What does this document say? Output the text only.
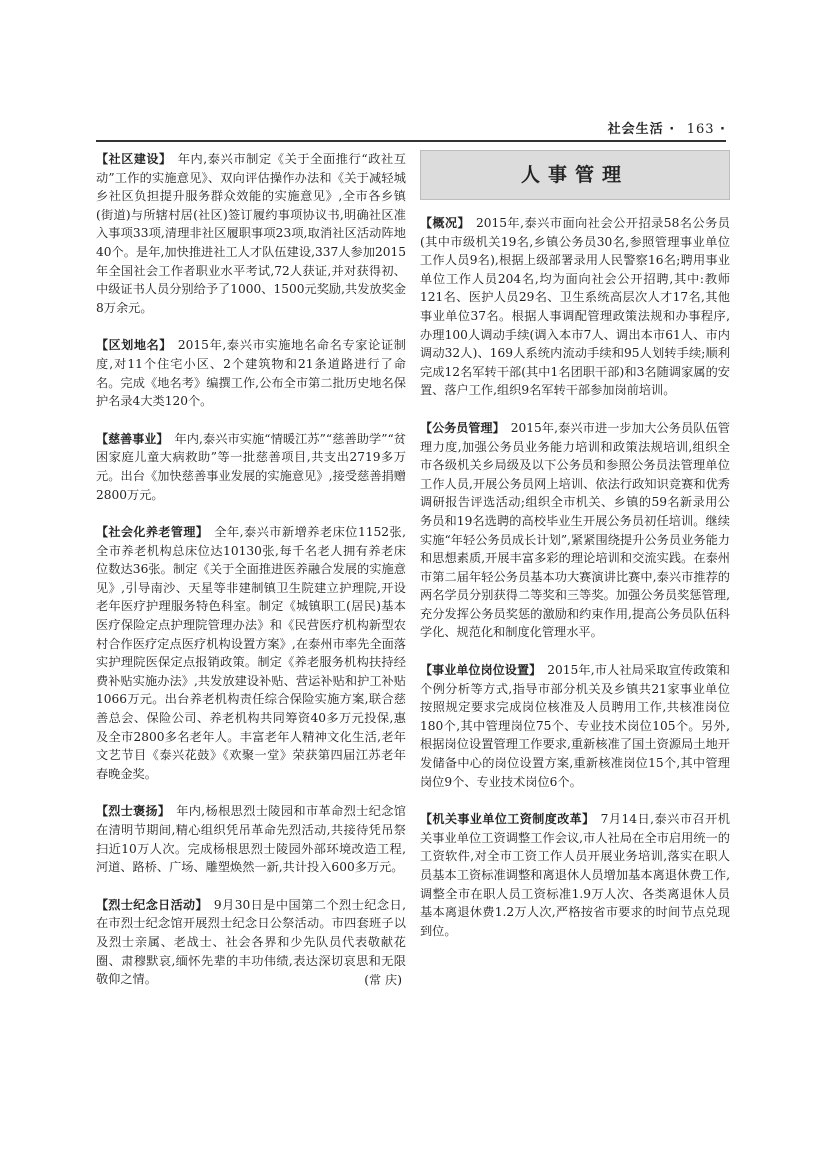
社会生活 · 163 ·

【社区建设】 年内,泰兴市制定《关于全面推行“政社互动”工作的实施意见》、双向评估操作办法和《关于减轻城乡社区负担提升服务群众效能的实施意见》,全市各乡镇(街道)与所辖村居(社区)签订履约事项协议书,明确社区准入事项33项,清理非社区履职事项23项,取消社区活动阵地40个。是年,加快推进社工人才队伍建设,337人参加2015年全国社会工作者职业水平考试,72人获证,并对获得初、中级证书人员分别给予了1000、1500元奖励,共发放奖金8万余元。

【区划地名】 2015年,泰兴市实施地名命名专家论证制度,对11个住宅小区、2个建筑物和21条道路进行了命名。完成《地名考》编撰工作,公布全市第二批历史地名保护名录4大类120个。

【慈善事业】 年内,泰兴市实施“情暖江苏”“慈善助学”“贫困家庭儿童大病救助”等一批慈善项目,共支出2719多万元。出台《加快慈善事业发展的实施意见》,接受慈善捐赠2800万元。

【社会化养老管理】 全年,泰兴市新增养老床位1152张,全市养老机构总床位达10130张,每千名老人拥有养老床位数达36张。制定《关于全面推进医养融合发展的实施意见》,引导南沙、天星等非建制镇卫生院建立护理院,开设老年医疗护理服务特色科室。制定《城镇职工(居民)基本医疗保险定点护理院管理办法》和《民营医疗机构新型农村合作医疗定点医疗机构设置方案》,在泰州市率先全面落实护理院医保定点报销政策。制定《养老服务机构扶持经费补贴实施办法》,共发放建设补贴、营运补贴和护工补贴1066万元。出台养老机构责任综合保险实施方案,联合慈善总会、保险公司、养老机构共同筹资40多万元投保,惠及全市2800多名老年人。丰富老年人精神文化生活,老年文艺节目《泰兴花鼓》《欢聚一堂》荣获第四届江苏老年春晚金奖。

【烈士褒扬】 年内,杨根思烈士陵园和市革命烈士纪念馆在清明节期间,精心组织凭吊革命先烈活动,共接待凭吊祭扫近10万人次。完成杨根思烈士陵园外部环境改造工程,河道、路桥、广场、雕塑焕然一新,共计投入600多万元。

【烈士纪念日活动】 9月30日是中国第二个烈士纪念日,在市烈士纪念馆开展烈士纪念日公祭活动。市四套班子以及烈士亲属、老战士、社会各界和少先队员代表敬献花圈、肃穆默哀,缅怀先辈的丰功伟绩,表达深切哀思和无限敬仰之情。	(常 庆)

人事管理

【概况】 2015年,泰兴市面向社会公开招录58名公务员(其中市级机关19名,乡镇公务员30名,参照管理事业单位工作人员9名),根据上级部署录用人民警察16名;聘用事业单位工作人员204名,均为面向社会公开招聘,其中:教师121名、医护人员29名、卫生系统高层次人才17名,其他事业单位37名。根据人事调配管理政策法规和办事程序,办理100人调动手续(调入本市7人、调出本市61人、市内调动32人)、169人系统内流动手续和95人划转手续;顺利完成12名军转干部(其中1名团职干部)和3名随调家属的安置、落户工作,组织9名军转干部参加岗前培训。

【公务员管理】 2015年,泰兴市进一步加大公务员队伍管理力度,加强公务员业务能力培训和政策法规培训,组织全市各级机关乡局级及以下公务员和参照公务员法管理单位工作人员,开展公务员网上培训、依法行政知识竞赛和优秀调研报告评选活动;组织全市机关、乡镇的59名新录用公务员和19名选聘的高校毕业生开展公务员初任培训。继续实施“年轻公务员成长计划”,紧紧围绕提升公务员业务能力和思想素质,开展丰富多彩的理论培训和交流实践。在泰州市第二届年轻公务员基本功大赛演讲比赛中,泰兴市推荐的两名学员分别获得二等奖和三等奖。加强公务员奖惩管理,充分发挥公务员奖惩的激励和约束作用,提高公务员队伍科学化、规范化和制度化管理水平。

【事业单位岗位设置】 2015年,市人社局采取宣传政策和个例分析等方式,指导市部分机关及乡镇共21家事业单位按照规定要求完成岗位核准及人员聘用工作,共核准岗位180个,其中管理岗位75个、专业技术岗位105个。另外,根据岗位设置管理工作要求,重新核准了国土资源局土地开发储备中心的岗位设置方案,重新核准岗位15个,其中管理岗位9个、专业技术岗位6个。

【机关事业单位工资制度改革】 7月14日,泰兴市召开机关事业单位工资调整工作会议,市人社局在全市启用统一的工资软件,对全市工资工作人员开展业务培训,落实在职人员基本工资标准调整和离退休人员增加基本离退休费工作,调整全市在职人员工资标准1.9万人次、各类离退休人员基本离退休费1.2万人次,严格按省市要求的时间节点兑现到位。
